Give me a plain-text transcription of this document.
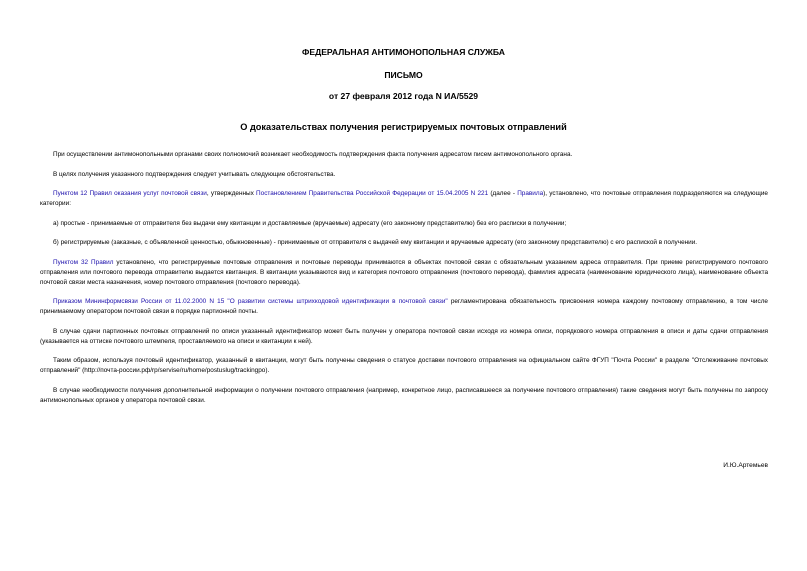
ФЕДЕРАЛЬНАЯ АНТИМОНОПОЛЬНАЯ СЛУЖБА
ПИСЬМО
от 27 февраля 2012 года N ИА/5529
О доказательствах получения регистрируемых почтовых отправлений

При осуществлении антимонопольными органами своих полномочий возникает необходимость подтверждения факта получения адресатом писем антимонопольного органа.

В целях получения указанного подтверждения следует учитывать следующие обстоятельства.

Пунктом 12 Правил оказания услуг почтовой связи, утвержденных Постановлением Правительства Российской Федерации от 15.04.2005 N 221 (далее - Правила), установлено, что почтовые отправления подразделяются на следующие категории:

а) простые - принимаемые от отправителя без выдачи ему квитанции и доставляемые (вручаемые) адресату (его законному представителю) без его расписки в получении;

б) регистрируемые (заказные, с объявленной ценностью, обыкновенные) - принимаемые от отправителя с выдачей ему квитанции и вручаемые адресату (его законному представителю) с его распиской в получении.

Пунктом 32 Правил установлено, что регистрируемые почтовые отправления и почтовые переводы принимаются в объектах почтовой связи с обязательным указанием адреса отправителя. При приеме регистрируемого почтового отправления или почтового перевода отправителю выдается квитанция. В квитанции указываются вид и категория почтового отправления (почтового перевода), фамилия адресата (наименование юридического лица), наименование объекта почтовой связи места назначения, номер почтового отправления (почтового перевода).

Приказом Мининформсвязи России от 11.02.2000 N 15 "О развитии системы штрихкодовой идентификации в почтовой связи" регламентирована обязательность присвоения номера каждому почтовому отправлению, в том числе принимаемому оператором почтовой связи в порядке партионной почты.

В случае сдачи партионных почтовых отправлений по описи указанный идентификатор может быть получен у оператора почтовой связи исходя из номера описи, порядкового номера отправления в описи и даты сдачи отправления (указывается на оттиске почтового штемпеля, проставляемого на описи и квитанции к ней).

Таким образом, используя почтовый идентификатор, указанный в квитанции, могут быть получены сведения о статусе доставки почтового отправления на официальном сайте ФГУП "Почта России" в разделе "Отслеживание почтовых отправлений" (http://почта-россии.рф/rp/servise/ru/home/postuslug/trackingpo).

В случае необходимости получения дополнительной информации о получении почтового отправления (например, конкретное лицо, расписавшееся за получение почтового отправления) такие сведения могут быть получены по запросу антимонопольных органов у оператора почтовой связи.

И.Ю.Артемьев
